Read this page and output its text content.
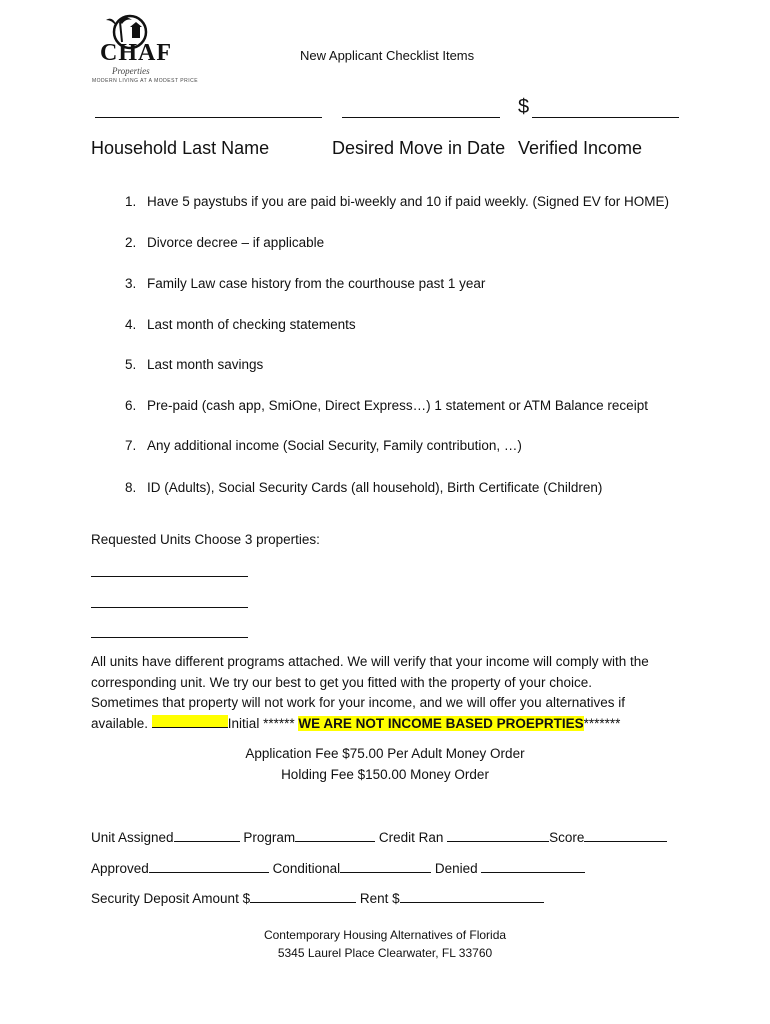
CHAF
Properties
MODERN LIVING AT A MODEST PRICE
New Applicant Checklist Items
$
Household Last Name	Desired Move in Date Verified Income
1. Have 5 paystubs if you are paid bi-weekly and 10 if paid weekly. (Signed EV for HOME)
2. Divorce decree – if applicable
3. Family Law case history from the courthouse past 1 year
4. Last month of checking statements
5. Last month savings
6. Pre-paid (cash app, SmiOne, Direct Express…) 1 statement or ATM Balance receipt
7. Any additional income (Social Security, Family contribution, …)
8. ID (Adults), Social Security Cards (all household), Birth Certificate (Children)
Requested Units Choose 3 properties:
All units have different programs attached. We will verify that your income will comply with the
corresponding unit. We try our best to get you fitted with the property of your choice.
Sometimes that property will not work for your income, and we will offer you alternatives if
available.	Initial ****** WE ARE NOT INCOME BASED PROEPRTIES*******
Application Fee $75.00 Per Adult Money Order
Holding Fee $150.00 Money Order
Unit Assigned	Program	Credit Ran	Score
Approved	Conditional	Denied
Security Deposit Amount $	Rent $
Contemporary Housing Alternatives of Florida
5345 Laurel Place Clearwater, FL 33760
